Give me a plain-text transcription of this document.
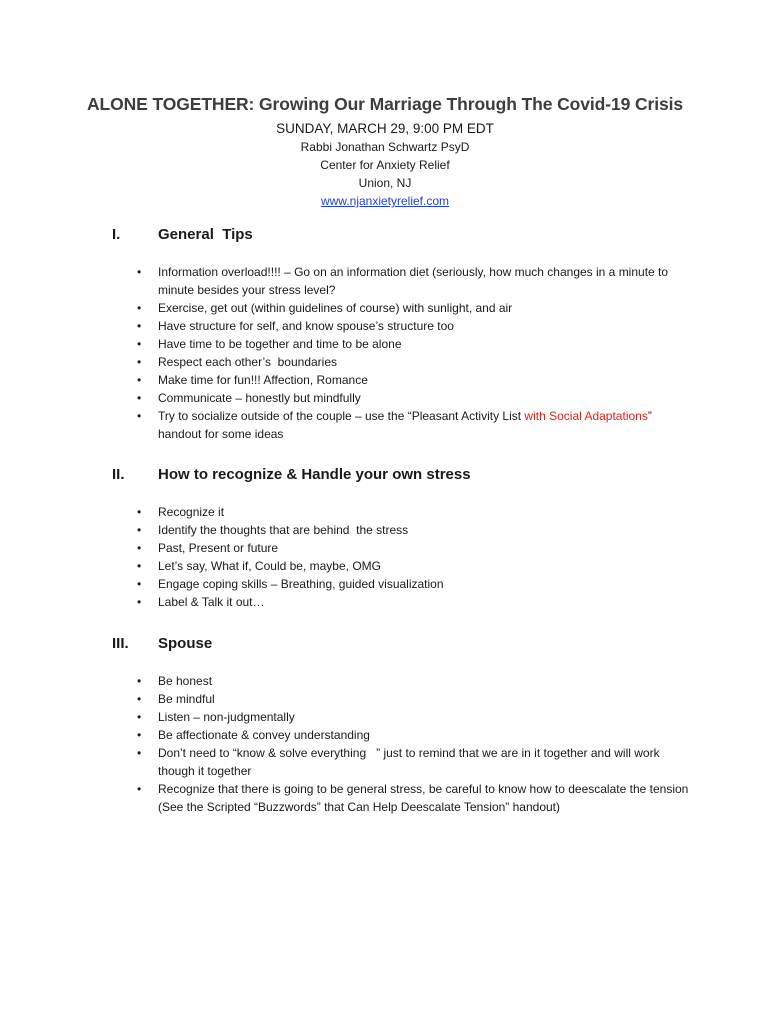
ALONE TOGETHER: Growing Our Marriage Through The Covid-19 Crisis
SUNDAY, MARCH 29, 9:00 PM EDT
Rabbi Jonathan Schwartz PsyD
Center for Anxiety Relief
Union, NJ
www.njanxietyrelief.com
I.	General  Tips
• Information overload!!!! – Go on an information diet (seriously, how much changes in a minute to minute besides your stress level?
• Exercise, get out (within guidelines of course) with sunlight, and air
• Have structure for self, and know spouse’s structure too
• Have time to be together and time to be alone
• Respect each other’s  boundaries
• Make time for fun!!! Affection, Romance
• Communicate – honestly but mindfully
• Try to socialize outside of the couple – use the “Pleasant Activity List with Social Adaptations” handout for some ideas
II. How to recognize & Handle your own stress
• Recognize it
• Identify the thoughts that are behind  the stress
• Past, Present or future
• Let’s say, What if, Could be, maybe, OMG
• Engage coping skills – Breathing, guided visualization
• Label & Talk it out…
III. Spouse
• Be honest
• Be mindful
• Listen – non-judgmentally
• Be affectionate & convey understanding
• Don’t need to “know & solve everything   ” just to remind that we are in it together and will work though it together
• Recognize that there is going to be general stress, be careful to know how to deescalate the tension (See the Scripted “Buzzwords” that Can Help Deescalate Tension” handout)
